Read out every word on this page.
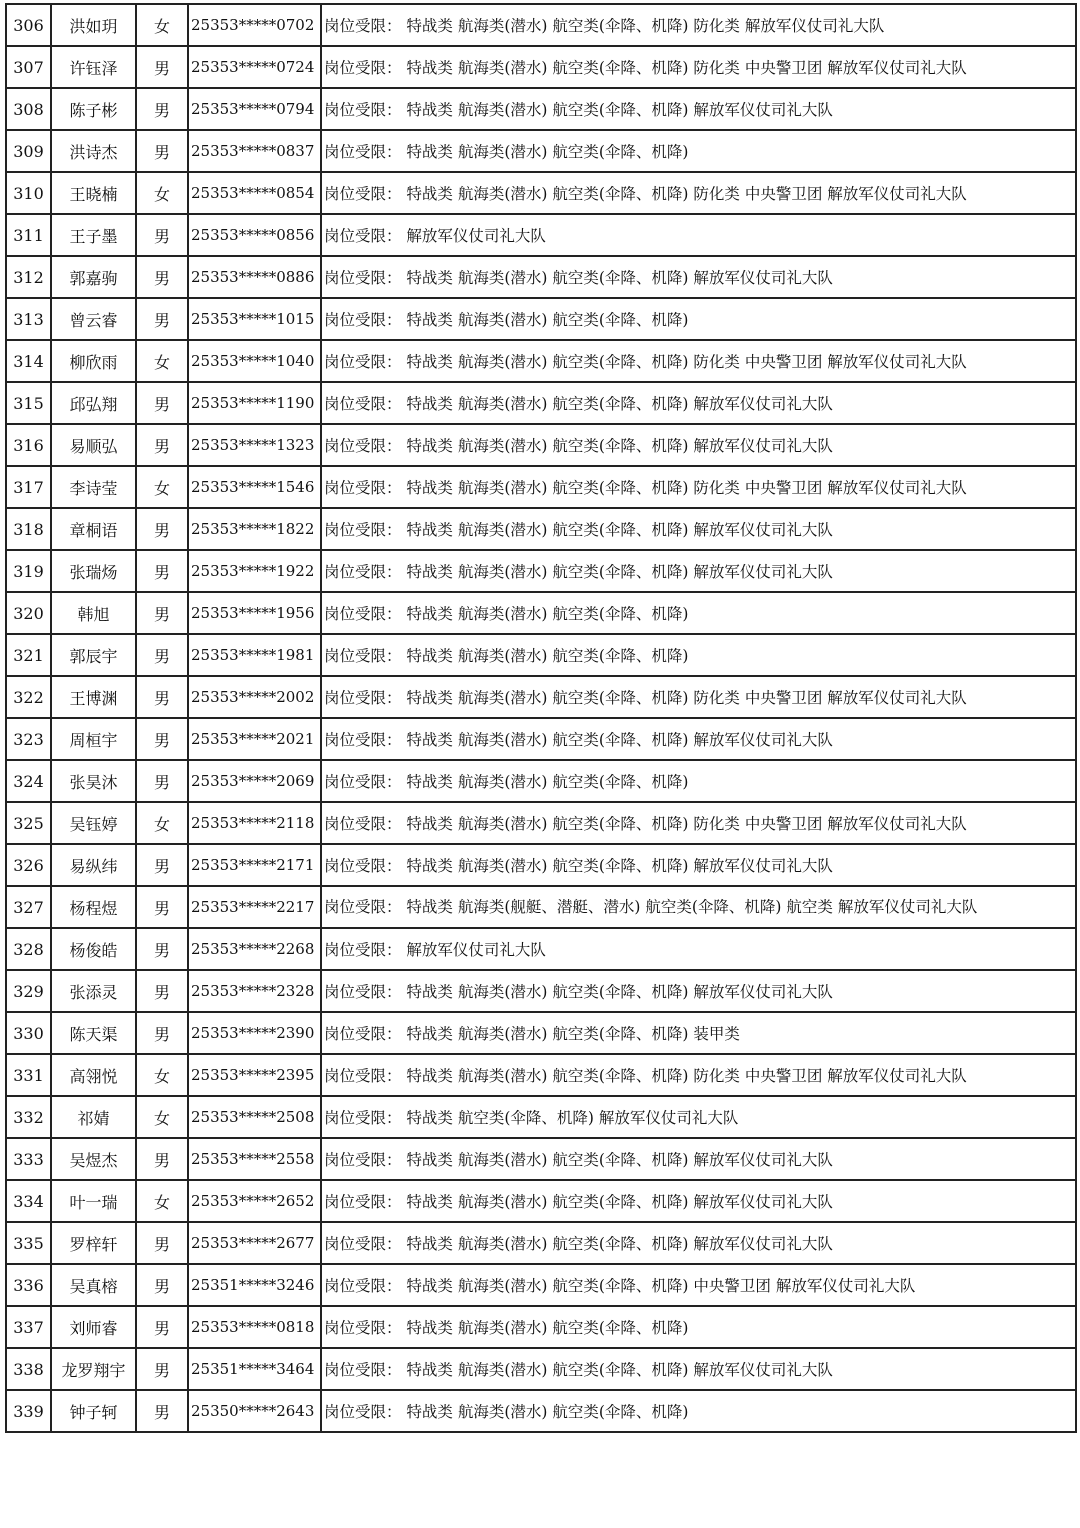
306	洪如玥	女	25353*****0702	岗位受限： 特战类 航海类(潜水) 航空类(伞降、机降) 防化类 解放军仪仗司礼大队
307	许钰泽	男	25353*****0724	岗位受限： 特战类 航海类(潜水) 航空类(伞降、机降) 防化类 中央警卫团 解放军仪仗司礼大队
308	陈子彬	男	25353*****0794	岗位受限： 特战类 航海类(潜水) 航空类(伞降、机降) 解放军仪仗司礼大队
309	洪诗杰	男	25353*****0837	岗位受限： 特战类 航海类(潜水) 航空类(伞降、机降)
310	王晓楠	女	25353*****0854	岗位受限： 特战类 航海类(潜水) 航空类(伞降、机降) 防化类 中央警卫团 解放军仪仗司礼大队
311	王子墨	男	25353*****0856	岗位受限： 解放军仪仗司礼大队
312	郭嘉驹	男	25353*****0886	岗位受限： 特战类 航海类(潜水) 航空类(伞降、机降) 解放军仪仗司礼大队
313	曾云睿	男	25353*****1015	岗位受限： 特战类 航海类(潜水) 航空类(伞降、机降)
314	柳欣雨	女	25353*****1040	岗位受限： 特战类 航海类(潜水) 航空类(伞降、机降) 防化类 中央警卫团 解放军仪仗司礼大队
315	邱弘翔	男	25353*****1190	岗位受限： 特战类 航海类(潜水) 航空类(伞降、机降) 解放军仪仗司礼大队
316	易顺弘	男	25353*****1323	岗位受限： 特战类 航海类(潜水) 航空类(伞降、机降) 解放军仪仗司礼大队
317	李诗莹	女	25353*****1546	岗位受限： 特战类 航海类(潜水) 航空类(伞降、机降) 防化类 中央警卫团 解放军仪仗司礼大队
318	章桐语	男	25353*****1822	岗位受限： 特战类 航海类(潜水) 航空类(伞降、机降) 解放军仪仗司礼大队
319	张瑞炀	男	25353*****1922	岗位受限： 特战类 航海类(潜水) 航空类(伞降、机降) 解放军仪仗司礼大队
320	韩旭	男	25353*****1956	岗位受限： 特战类 航海类(潜水) 航空类(伞降、机降)
321	郭辰宇	男	25353*****1981	岗位受限： 特战类 航海类(潜水) 航空类(伞降、机降)
322	王博渊	男	25353*****2002	岗位受限： 特战类 航海类(潜水) 航空类(伞降、机降) 防化类 中央警卫团 解放军仪仗司礼大队
323	周桓宇	男	25353*****2021	岗位受限： 特战类 航海类(潜水) 航空类(伞降、机降) 解放军仪仗司礼大队
324	张昊沐	男	25353*****2069	岗位受限： 特战类 航海类(潜水) 航空类(伞降、机降)
325	吴钰婷	女	25353*****2118	岗位受限： 特战类 航海类(潜水) 航空类(伞降、机降) 防化类 中央警卫团 解放军仪仗司礼大队
326	易纵纬	男	25353*****2171	岗位受限： 特战类 航海类(潜水) 航空类(伞降、机降) 解放军仪仗司礼大队
327	杨程煜	男	25353*****2217	岗位受限： 特战类 航海类(舰艇、潜艇、潜水) 航空类(伞降、机降) 航空类 解放军仪仗司礼大队
328	杨俊皓	男	25353*****2268	岗位受限： 解放军仪仗司礼大队
329	张添灵	男	25353*****2328	岗位受限： 特战类 航海类(潜水) 航空类(伞降、机降) 解放军仪仗司礼大队
330	陈天渠	男	25353*****2390	岗位受限： 特战类 航海类(潜水) 航空类(伞降、机降) 装甲类
331	高翎悦	女	25353*****2395	岗位受限： 特战类 航海类(潜水) 航空类(伞降、机降) 防化类 中央警卫团 解放军仪仗司礼大队
332	祁婧	女	25353*****2508	岗位受限： 特战类 航空类(伞降、机降) 解放军仪仗司礼大队
333	吴煜杰	男	25353*****2558	岗位受限： 特战类 航海类(潜水) 航空类(伞降、机降) 解放军仪仗司礼大队
334	叶一瑞	女	25353*****2652	岗位受限： 特战类 航海类(潜水) 航空类(伞降、机降) 解放军仪仗司礼大队
335	罗梓轩	男	25353*****2677	岗位受限： 特战类 航海类(潜水) 航空类(伞降、机降) 解放军仪仗司礼大队
336	吴真榕	男	25351*****3246	岗位受限： 特战类 航海类(潜水) 航空类(伞降、机降) 中央警卫团 解放军仪仗司礼大队
337	刘师睿	男	25353*****0818	岗位受限： 特战类 航海类(潜水) 航空类(伞降、机降)
338	龙罗翔宇	男	25351*****3464	岗位受限： 特战类 航海类(潜水) 航空类(伞降、机降) 解放军仪仗司礼大队
339	钟子轲	男	25350*****2643	岗位受限： 特战类 航海类(潜水) 航空类(伞降、机降)
